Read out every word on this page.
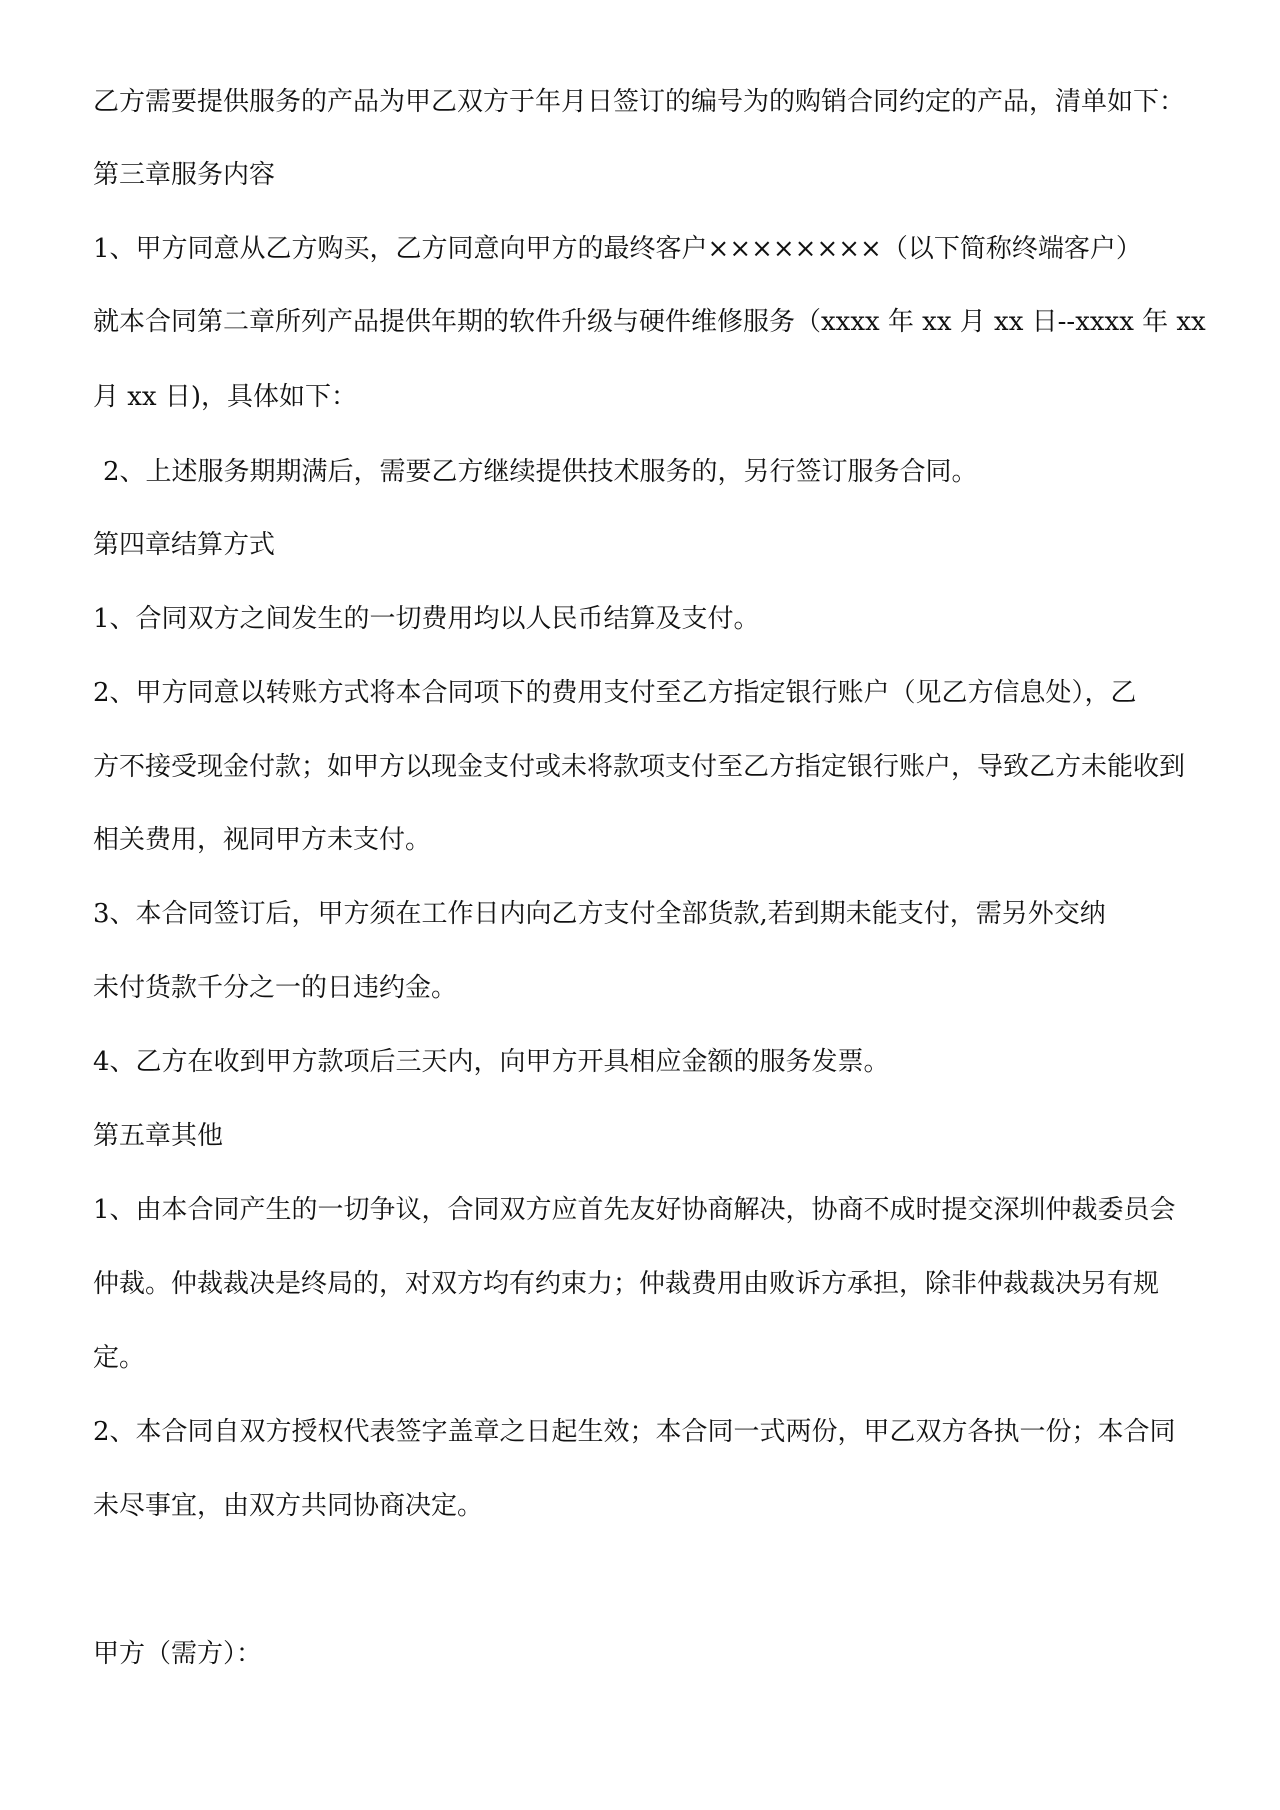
乙方需要提供服务的产品为甲乙双方于年月日签订的编号为的购销合同约定的产品，清单如下：
第三章服务内容
1、甲方同意从乙方购买，乙方同意向甲方的最终客户××××××××（以下简称终端客户）
就本合同第二章所列产品提供年期的软件升级与硬件维修服务（xxxx 年 xx 月 xx 日--xxxx 年 xx
月 xx 日)，具体如下：
2、上述服务期期满后，需要乙方继续提供技术服务的，另行签订服务合同。
第四章结算方式
1、合同双方之间发生的一切费用均以人民币结算及支付。
2、甲方同意以转账方式将本合同项下的费用支付至乙方指定银行账户（见乙方信息处），乙
方不接受现金付款；如甲方以现金支付或未将款项支付至乙方指定银行账户，导致乙方未能收到
相关费用，视同甲方未支付。
3、本合同签订后，甲方须在工作日内向乙方支付全部货款,若到期未能支付，需另外交纳
未付货款千分之一的日违约金。
4、乙方在收到甲方款项后三天内，向甲方开具相应金额的服务发票。
第五章其他
1、由本合同产生的一切争议，合同双方应首先友好协商解决，协商不成时提交深圳仲裁委员会
仲裁。仲裁裁决是终局的，对双方均有约束力；仲裁费用由败诉方承担，除非仲裁裁决另有规
定。
2、本合同自双方授权代表签字盖章之日起生效；本合同一式两份，甲乙双方各执一份；本合同
未尽事宜，由双方共同协商决定。
甲方（需方）：
